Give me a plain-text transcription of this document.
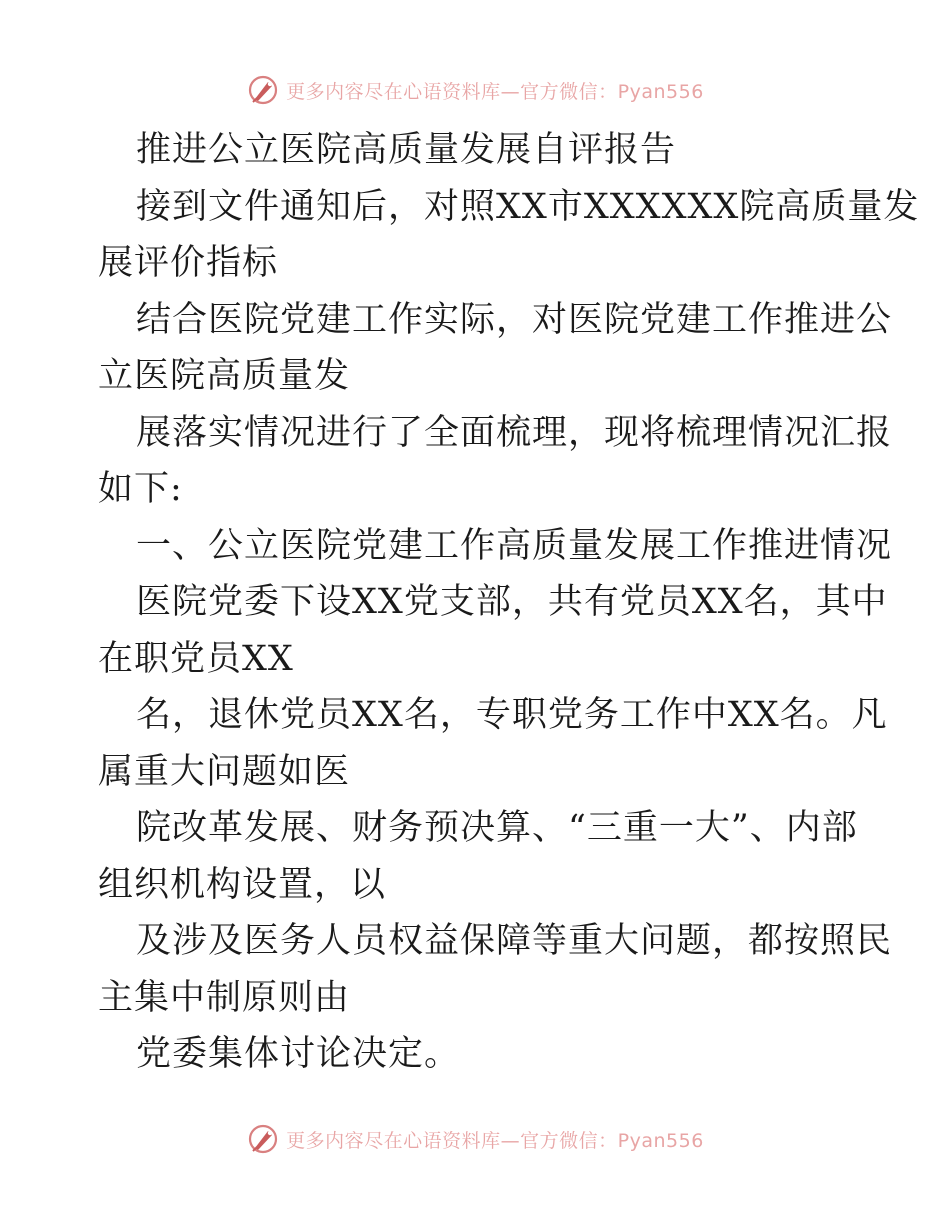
更多内容尽在心语资料库—官方微信：Pyan556

推进公立医院高质量发展自评报告

接到文件通知后，对照XX市XXXXXX院高质量发

展评价指标

结合医院党建工作实际，对医院党建工作推进公

立医院高质量发

展落实情况进行了全面梳理，现将梳理情况汇报

如下:

一、公立医院党建工作高质量发展工作推进情况

医院党委下设XX党支部，共有党员XX名，其中

在职党员XX

名，退休党员XX名，专职党务工作中XX名。凡

属重大问题如医

院改革发展、财务预决算、“三重一大”、内部

组织机构设置，以

及涉及医务人员权益保障等重大问题，都按照民

主集中制原则由

党委集体讨论决定。

更多内容尽在心语资料库—官方微信：Pyan556
